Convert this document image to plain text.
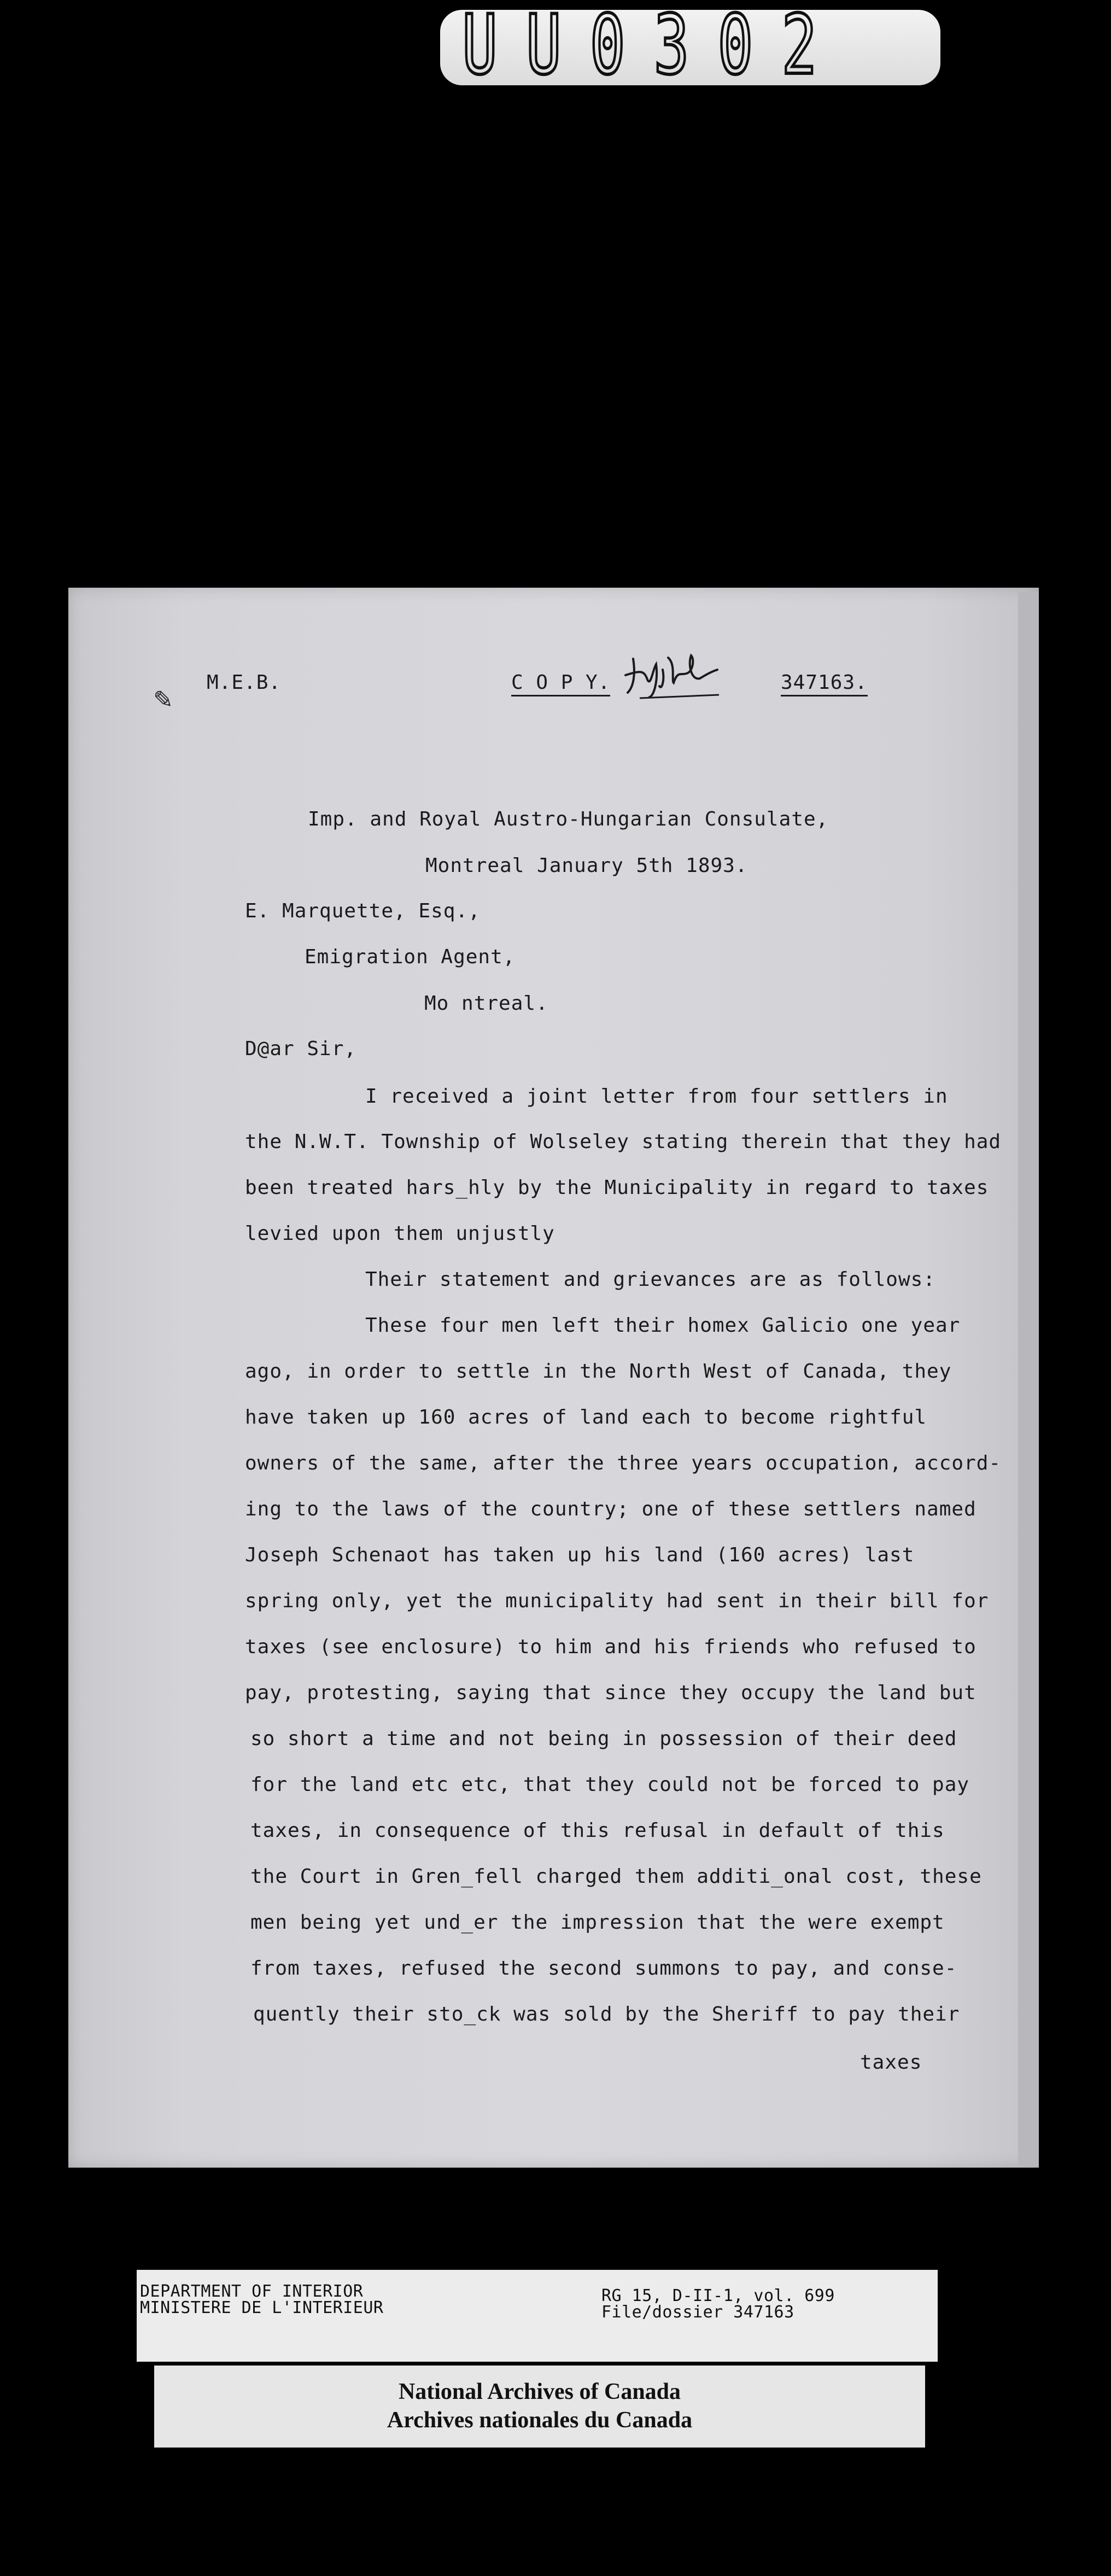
UU0302
✎
M.E.B.	C O P Y.	347163.
Imp. and Royal Austro-Hungarian Consulate,
Montreal January 5th 1893.
E. Marquette, Esq.,
Emigration Agent,
Mo ntreal.
D@ar Sir,
I received a joint letter from four settlers in
the N.W.T. Township of Wolseley stating therein that they had
been treated hars_hly by the Municipality in regard to taxes
levied upon them unjustly
Their statement and grievances are as follows:
These four men left their homex Galicio one year
ago, in order to settle in the North West of Canada, they
have taken up 160 acres of land each to become rightful
owners of the same, after the three years occupation, accord-
ing to the laws of the country; one of these settlers named
Joseph Schenaot has taken up his land (160 acres) last
spring only, yet the municipality had sent in their bill for
taxes (see enclosure) to him and his friends who refused to
pay, protesting, saying that since they occupy the land but
so short a time and not being in possession of their deed
for the land etc etc, that they could not be forced to pay
taxes, in consequence of this refusal in default of this
the Court in Gren_fell charged them additi_onal cost, these
men being yet und_er the impression that the were exempt
from taxes, refused the second summons to pay, and conse-
quently their sto_ck was sold by the Sheriff to pay their
taxes
DEPARTMENT OF INTERIOR
MINISTERE DE L'INTERIEUR
RG 15, D-II-1, vol. 699
File/dossier 347163
National Archives of Canada
Archives nationales du Canada
